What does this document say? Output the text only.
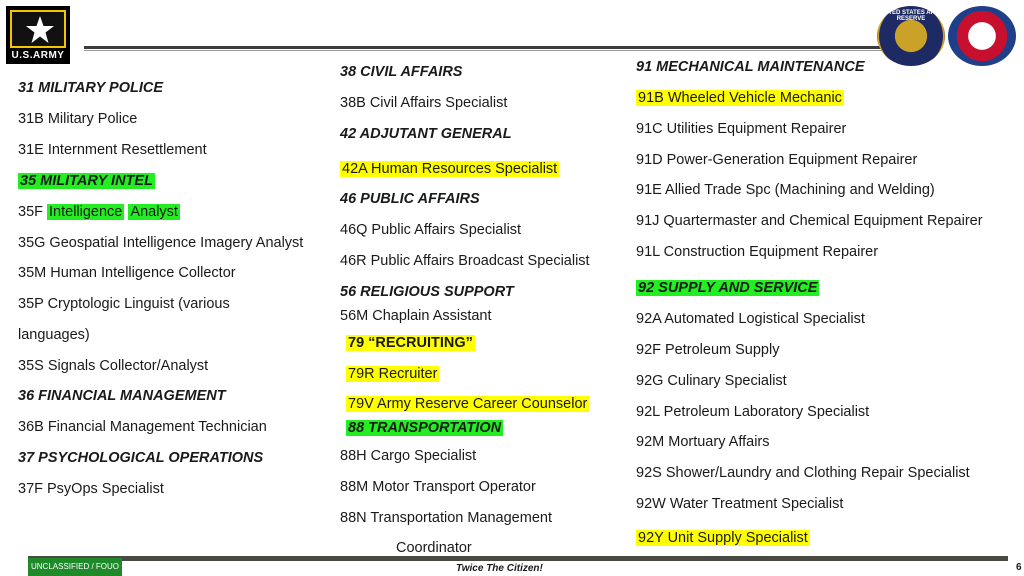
U.S.ARMY
UNITED STATES ARMY RESERVE
31 MILITARY POLICE
31B Military Police
31E Internment Resettlement
35 MILITARY INTEL
35F Intelligence Analyst
35G Geospatial Intelligence Imagery Analyst
35M Human Intelligence Collector
35P Cryptologic Linguist (various
languages)
35S Signals Collector/Analyst
36 FINANCIAL MANAGEMENT
36B Financial Management Technician
37 PSYCHOLOGICAL OPERATIONS
37F PsyOps Specialist
38 CIVIL AFFAIRS
38B Civil Affairs Specialist
42 ADJUTANT GENERAL
42A Human Resources Specialist
46 PUBLIC AFFAIRS
46Q Public Affairs Specialist
46R Public Affairs Broadcast Specialist
56 RELIGIOUS SUPPORT
56M Chaplain Assistant
79 “RECRUITING”
79R Recruiter
79V Army Reserve Career Counselor
88 TRANSPORTATION
88H Cargo Specialist
88M Motor Transport Operator
88N Transportation Management
Coordinator
91 MECHANICAL MAINTENANCE
91B Wheeled Vehicle Mechanic
91C Utilities Equipment Repairer
91D Power-Generation Equipment Repairer
91E Allied Trade Spc (Machining and Welding)
91J Quartermaster and Chemical Equipment Repairer
91L Construction Equipment Repairer
92 SUPPLY AND SERVICE
92A Automated Logistical Specialist
92F Petroleum Supply
92G Culinary Specialist
92L Petroleum Laboratory Specialist
92M Mortuary Affairs
92S Shower/Laundry and Clothing Repair Specialist
92W Water Treatment Specialist
92Y Unit Supply Specialist
UNCLASSIFIED / FOUO	Twice The Citizen!	6
